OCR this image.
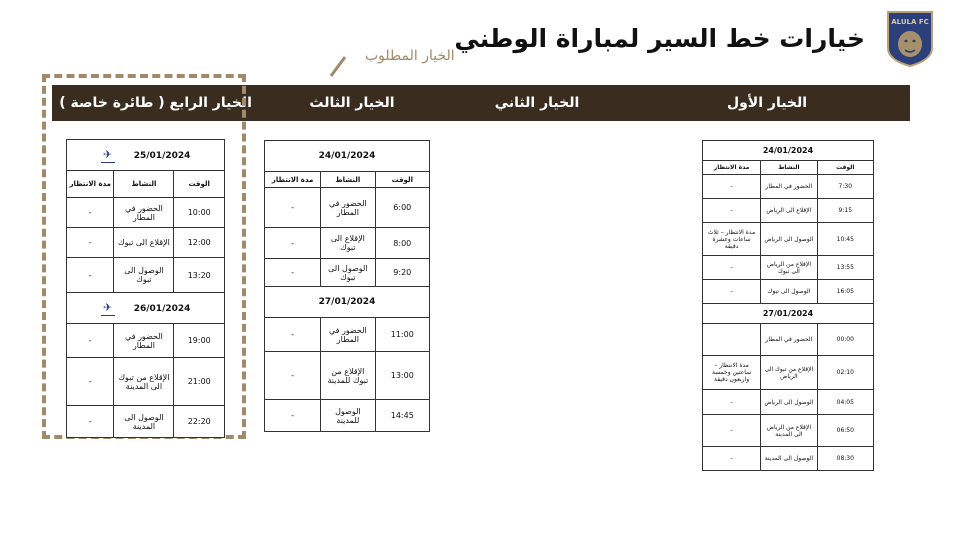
خيارات خط السير لمباراة الوطني
ALULA FC
الخيار المطلوب
الخيار الرابع ( طائرة خاصة )	الخيار الثالث	الخيار الثاني	الخيار الأول
25/01/2024 ✈		

الوقت	النشاط	مدة الانتظار
10:00	الحضور في المطار	-
12:00	الإقلاع الى تبوك	-
13:20	الوصول الى تبوك	-
26/01/2024 ✈		

19:00	الحضور في المطار	-
21:00	الإقلاع من تبوك الى المدينة	-
22:20	الوصول الى المدينة	-
24/01/2024		
الوقت	النشاط	مدة الانتظار
6:00	الحضور في المطار	-
8:00	الإقلاع الى تبوك	-
9:20	الوصول الى تبوك	-
27/01/2024		
11:00	الحضور في المطار	-
13:00	الإقلاع من تبوك للمدينة	-
14:45	الوصول للمدينة	-
24/01/2024		
الوقت	النشاط	مدة الانتظار
7:30	الحضور في المطار	-
9:15	الإقلاع الى الرياض	-
10:45	الوصول الى الرياض	مدة الانتظار – ثلاث ساعات وعشرة دقيقة
13:55	الإقلاع من الرياض الى تبوك	-
16:05	الوصول الى تبوك	-
27/01/2024		
00:00	الحضور في المطار	
02:10	الإقلاع من تبوك الى الرياض	مدة الانتظار – ساعتين وخمسة واربعون دقيقة
04:05	الوصول الى الرياض	-
06:50	الإقلاع من الرياض الى المدينة	-
08:30	الوصول الى المدينة	-
